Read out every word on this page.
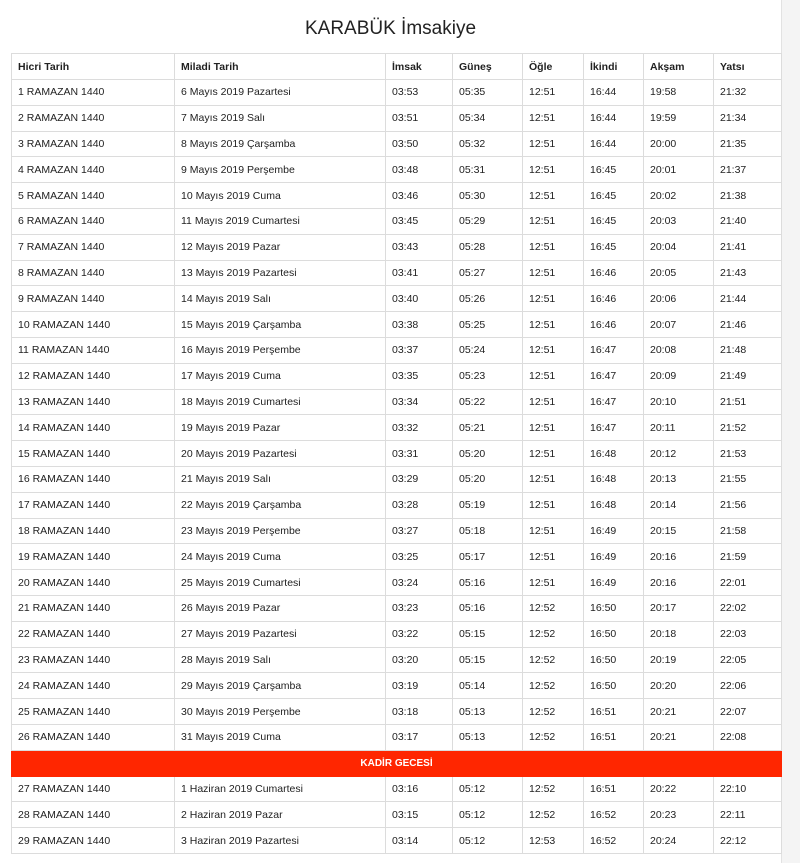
KARABÜK İmsakiye
Hicri Tarih	Miladi Tarih	İmsak	Güneş	Öğle	İkindi	Akşam	Yatsı
1 RAMAZAN 1440	6 Mayıs 2019 Pazartesi	03:53	05:35	12:51	16:44	19:58	21:32
2 RAMAZAN 1440	7 Mayıs 2019 Salı	03:51	05:34	12:51	16:44	19:59	21:34
3 RAMAZAN 1440	8 Mayıs 2019 Çarşamba	03:50	05:32	12:51	16:44	20:00	21:35
4 RAMAZAN 1440	9 Mayıs 2019 Perşembe	03:48	05:31	12:51	16:45	20:01	21:37
5 RAMAZAN 1440	10 Mayıs 2019 Cuma	03:46	05:30	12:51	16:45	20:02	21:38
6 RAMAZAN 1440	11 Mayıs 2019 Cumartesi	03:45	05:29	12:51	16:45	20:03	21:40
7 RAMAZAN 1440	12 Mayıs 2019 Pazar	03:43	05:28	12:51	16:45	20:04	21:41
8 RAMAZAN 1440	13 Mayıs 2019 Pazartesi	03:41	05:27	12:51	16:46	20:05	21:43
9 RAMAZAN 1440	14 Mayıs 2019 Salı	03:40	05:26	12:51	16:46	20:06	21:44
10 RAMAZAN 1440	15 Mayıs 2019 Çarşamba	03:38	05:25	12:51	16:46	20:07	21:46
11 RAMAZAN 1440	16 Mayıs 2019 Perşembe	03:37	05:24	12:51	16:47	20:08	21:48
12 RAMAZAN 1440	17 Mayıs 2019 Cuma	03:35	05:23	12:51	16:47	20:09	21:49
13 RAMAZAN 1440	18 Mayıs 2019 Cumartesi	03:34	05:22	12:51	16:47	20:10	21:51
14 RAMAZAN 1440	19 Mayıs 2019 Pazar	03:32	05:21	12:51	16:47	20:11	21:52
15 RAMAZAN 1440	20 Mayıs 2019 Pazartesi	03:31	05:20	12:51	16:48	20:12	21:53
16 RAMAZAN 1440	21 Mayıs 2019 Salı	03:29	05:20	12:51	16:48	20:13	21:55
17 RAMAZAN 1440	22 Mayıs 2019 Çarşamba	03:28	05:19	12:51	16:48	20:14	21:56
18 RAMAZAN 1440	23 Mayıs 2019 Perşembe	03:27	05:18	12:51	16:49	20:15	21:58
19 RAMAZAN 1440	24 Mayıs 2019 Cuma	03:25	05:17	12:51	16:49	20:16	21:59
20 RAMAZAN 1440	25 Mayıs 2019 Cumartesi	03:24	05:16	12:51	16:49	20:16	22:01
21 RAMAZAN 1440	26 Mayıs 2019 Pazar	03:23	05:16	12:52	16:50	20:17	22:02
22 RAMAZAN 1440	27 Mayıs 2019 Pazartesi	03:22	05:15	12:52	16:50	20:18	22:03
23 RAMAZAN 1440	28 Mayıs 2019 Salı	03:20	05:15	12:52	16:50	20:19	22:05
24 RAMAZAN 1440	29 Mayıs 2019 Çarşamba	03:19	05:14	12:52	16:50	20:20	22:06
25 RAMAZAN 1440	30 Mayıs 2019 Perşembe	03:18	05:13	12:52	16:51	20:21	22:07
26 RAMAZAN 1440	31 Mayıs 2019 Cuma	03:17	05:13	12:52	16:51	20:21	22:08
KADİR GECESİ							
27 RAMAZAN 1440	1 Haziran 2019 Cumartesi	03:16	05:12	12:52	16:51	20:22	22:10
28 RAMAZAN 1440	2 Haziran 2019 Pazar	03:15	05:12	12:52	16:52	20:23	22:11
29 RAMAZAN 1440	3 Haziran 2019 Pazartesi	03:14	05:12	12:53	16:52	20:24	22:12
